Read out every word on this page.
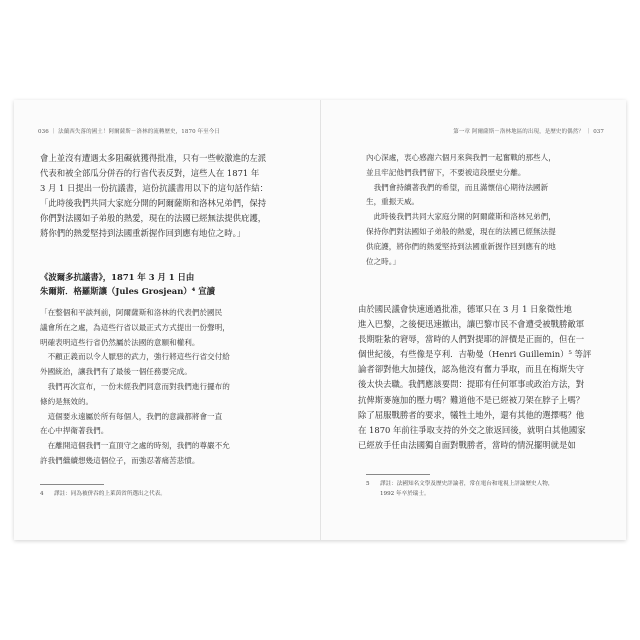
036 ｜ 法蘭西失落的國土！阿爾薩斯－洛林的流轉歷史，1870 年至今日	第一章 阿爾薩斯－洛林地區的出現，是歷史的偶然？ ｜ 037

會上並沒有遭遇太多阻礙就獲得批准，只有一些較激進的左派

代表和被全部瓜分併吞的行省代表反對，這些人在 1871 年

3 月 1 日提出一份抗議書，這份抗議書用以下的這句話作結：

「此時後我們共同大家庭分開的阿爾薩斯和洛林兄弟們，保持

你們對法國如子弟般的熱愛，現在的法國已經無法提供庇護，

將你們的熱愛堅持到法國重新握作回到應有地位之時。」

《波爾多抗議書》，1871 年 3 月 1 日由

朱爾斯．格羅斯讓（Jules Grosjean）⁴ 宣讀

「在整個和平談判前，阿爾薩斯和洛林的代表們於國民

議會所在之處，為這些行省以最正式方式提出一份聲明，

明確表明這些行省仍然屬於法國的意願和權利。

不顧正義而以令人厭惡的武力，強行將這些行省交付給

外國統治，讓我們有了最後一個任務要完成。

我們再次宣布，一份未經我們同意而對我們進行擺布的

條約是無效的。

這個要永遠屬於所有每個人，我們的意識都將會一直

在心中捍衛著我們。

在離開這個我們一直頂守之處的時刻，我們的尊嚴不允

許我們繼續想幾這個位子，而強忍著痛苦悲憤。

4	譯註：同為被併吞的上萊茵省所選出之代表。

內心深處，衷心感謝六個月來與我們一起奮戰的那些人，

並且牢記他們我們留下，不要被這段歷史分離。

我們會持續著我們的希望，而且滿懷信心期待法國新

生，重振天威。

此時後我們共同大家庭分開的阿爾薩斯和洛林兄弟們，

保持你們對法國如子弟般的熱愛，現在的法國已經無法提

供庇護，將你們的熱愛堅持到法國重新握作回到應有的地

位之時。」

由於國民議會快速通過批准，德軍只在 3 月 1 日象徵性地

進入巴黎，之後便迅速撤出，讓巴黎市民不會遭受被戰勝敵軍

長期駐紮的窘辱，當時的人們對提耶的評價是正面的，但在一

個世紀後，有些像是亨利．吉勒曼（Henri Guillemin）⁵ 等評

論者卻對他大加撻伐，認為他沒有奮力爭取，而且在梅斯失守

後太快去職。我們應該要問：提耶有任何軍事或政治方法，對

抗俾斯麥施加的壓力嗎？難道他不是已經被刀架在脖子上嗎？

除了屈服戰勝者的要求，犧牲土地外，還有其他的選擇嗎？他

在 1870 年前往爭取支持的外交之旅返回後，就明白其他國家

已經放手任由法國獨自面對戰勝者，當時的情況擺明就是如

5	譯註：法國知名文學及歷史評論者，常在電台和電視上評論歷史人物，
1992 年卒於瑞士。
